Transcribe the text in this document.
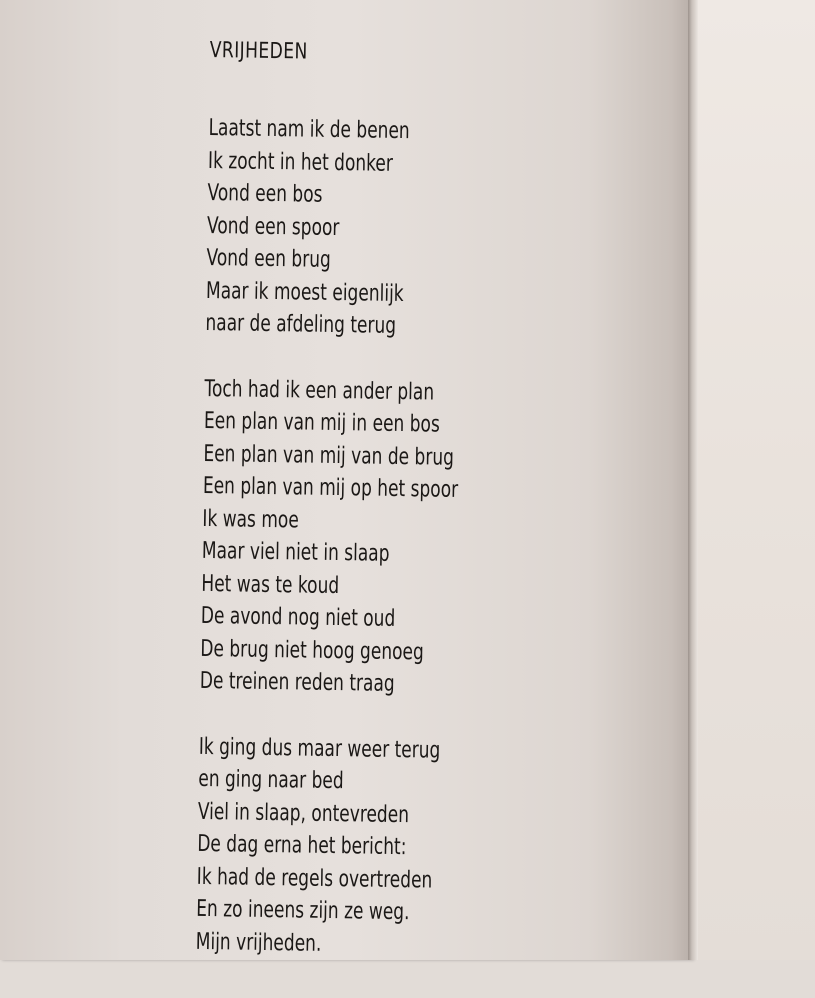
VRIJHEDEN
Laatst nam ik de benen
Ik zocht in het donker
Vond een bos
Vond een spoor
Vond een brug
Maar ik moest eigenlijk
naar de afdeling terug
Toch had ik een ander plan
Een plan van mij in een bos
Een plan van mij van de brug
Een plan van mij op het spoor
Ik was moe
Maar viel niet in slaap
Het was te koud
De avond nog niet oud
De brug niet hoog genoeg
De treinen reden traag
Ik ging dus maar weer terug
en ging naar bed
Viel in slaap, ontevreden
De dag erna het bericht:
Ik had de regels overtreden
En zo ineens zijn ze weg.
Mijn vrijheden.
